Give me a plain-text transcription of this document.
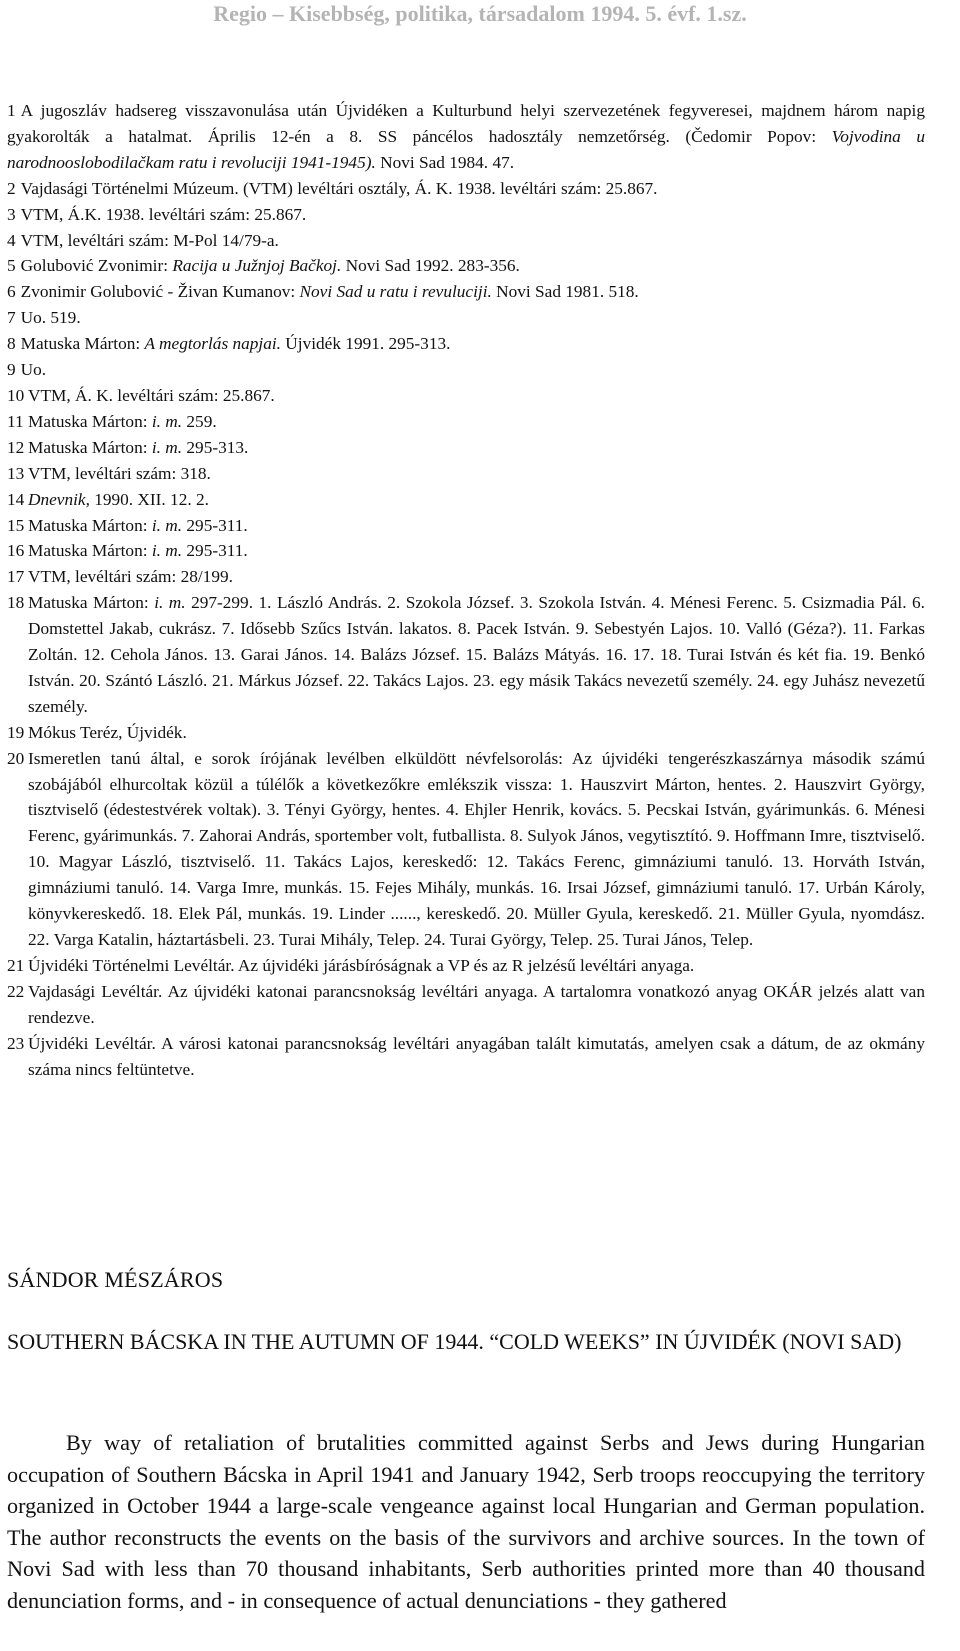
Regio – Kisebbség, politika, társadalom 1994. 5. évf. 1.sz.

1 A jugoszláv hadsereg visszavonulása után Újvidéken a Kulturbund helyi szervezetének fegyveresei, majdnem három napig gyakorolták a hatalmat. Április 12-én a 8. SS páncélos hadosztály nemzetőrség. (Čedomir Popov: Vojvodina u narodnooslobodilačkam ratu i revoluciji 1941-1945). Novi Sad 1984. 47.

2 Vajdasági Történelmi Múzeum. (VTM) levéltári osztály, Á. K. 1938. levéltári szám: 25.867.

3 VTM, Á.K. 1938. levéltári szám: 25.867.

4 VTM, levéltári szám: M-Pol 14/79-a.

5 Golubović Zvonimir: Racija u Južnjoj Bačkoj. Novi Sad 1992. 283-356.

6 Zvonimir Golubović - Živan Kumanov: Novi Sad u ratu i revuluciji. Novi Sad 1981. 518.

7 Uo. 519.

8 Matuska Márton: A megtorlás napjai. Újvidék 1991. 295-313.

9 Uo.

10 VTM, Á. K. levéltári szám: 25.867.

11 Matuska Márton: i. m. 259.

12 Matuska Márton: i. m. 295-313.

13 VTM, levéltári szám: 318.

14 Dnevnik, 1990. XII. 12. 2.

15 Matuska Márton: i. m. 295-311.

16 Matuska Márton: i. m. 295-311.

17 VTM, levéltári szám: 28/199.

18 Matuska Márton: i. m. 297-299. 1. László András. 2. Szokola József. 3. Szokola István. 4. Ménesi Ferenc. 5. Csizmadia Pál. 6. Domstettel Jakab, cukrász. 7. Idősebb Szűcs István. lakatos. 8. Pacek István. 9. Sebestyén Lajos. 10. Valló (Géza?). 11. Farkas Zoltán. 12. Cehola János. 13. Garai János. 14. Balázs József. 15. Balázs Mátyás. 16. 17. 18. Turai István és két fia. 19. Benkó István. 20. Szántó László. 21. Márkus József. 22. Takács Lajos. 23. egy másik Takács nevezetű személy. 24. egy Juhász nevezetű személy.

19 Mókus Teréz, Újvidék.

20 Ismeretlen tanú által, e sorok írójának levélben elküldött névfelsorolás: Az újvidéki tengerészkaszárnya második számú szobájából elhurcoltak közül a túlélők a következőkre emlékszik vissza: 1. Hauszvirt Márton, hentes. 2. Hauszvirt György, tisztviselő (édestestvérek voltak). 3. Tényi György, hentes. 4. Ehjler Henrik, kovács. 5. Pecskai István, gyárimunkás. 6. Ménesi Ferenc, gyárimunkás. 7. Zahorai András, sportember volt, futballista. 8. Sulyok János, vegytisztító. 9. Hoffmann Imre, tisztviselő. 10. Magyar László, tisztviselő. 11. Takács Lajos, kereskedő: 12. Takács Ferenc, gimnáziumi tanuló. 13. Horváth István, gimnáziumi tanuló. 14. Varga Imre, munkás. 15. Fejes Mihály, munkás. 16. Irsai József, gimnáziumi tanuló. 17. Urbán Károly, könyvkereskedő. 18. Elek Pál, munkás. 19. Linder ......, kereskedő. 20. Müller Gyula, kereskedő. 21. Müller Gyula, nyomdász. 22. Varga Katalin, háztartásbeli. 23. Turai Mihály, Telep. 24. Turai György, Telep. 25. Turai János, Telep.

21 Újvidéki Történelmi Levéltár. Az újvidéki járásbíróságnak a VP és az R jelzésű levéltári anyaga.

22 Vajdasági Levéltár. Az újvidéki katonai parancsnokság levéltári anyaga. A tartalomra vonatkozó anyag OKÁR jelzés alatt van rendezve.

23 Újvidéki Levéltár. A városi katonai parancsnokság levéltári anyagában talált kimutatás, amelyen csak a dátum, de az okmány száma nincs feltüntetve.

SÁNDOR MÉSZÁROS
SOUTHERN BÁCSKA IN THE AUTUMN OF 1944. “COLD WEEKS” IN ÚJVIDÉK (NOVI SAD)

By way of retaliation of brutalities committed against Serbs and Jews during Hungarian occupation of Southern Bácska in April 1941 and January 1942, Serb troops reoccupying the territory organized in October 1944 a large-scale vengeance against local Hungarian and German population. The author reconstructs the events on the basis of the survivors and archive sources. In the town of Novi Sad with less than 70 thousand inhabitants, Serb authorities printed more than 40 thousand denunciation forms, and - in consequence of actual denunciations - they gathered
